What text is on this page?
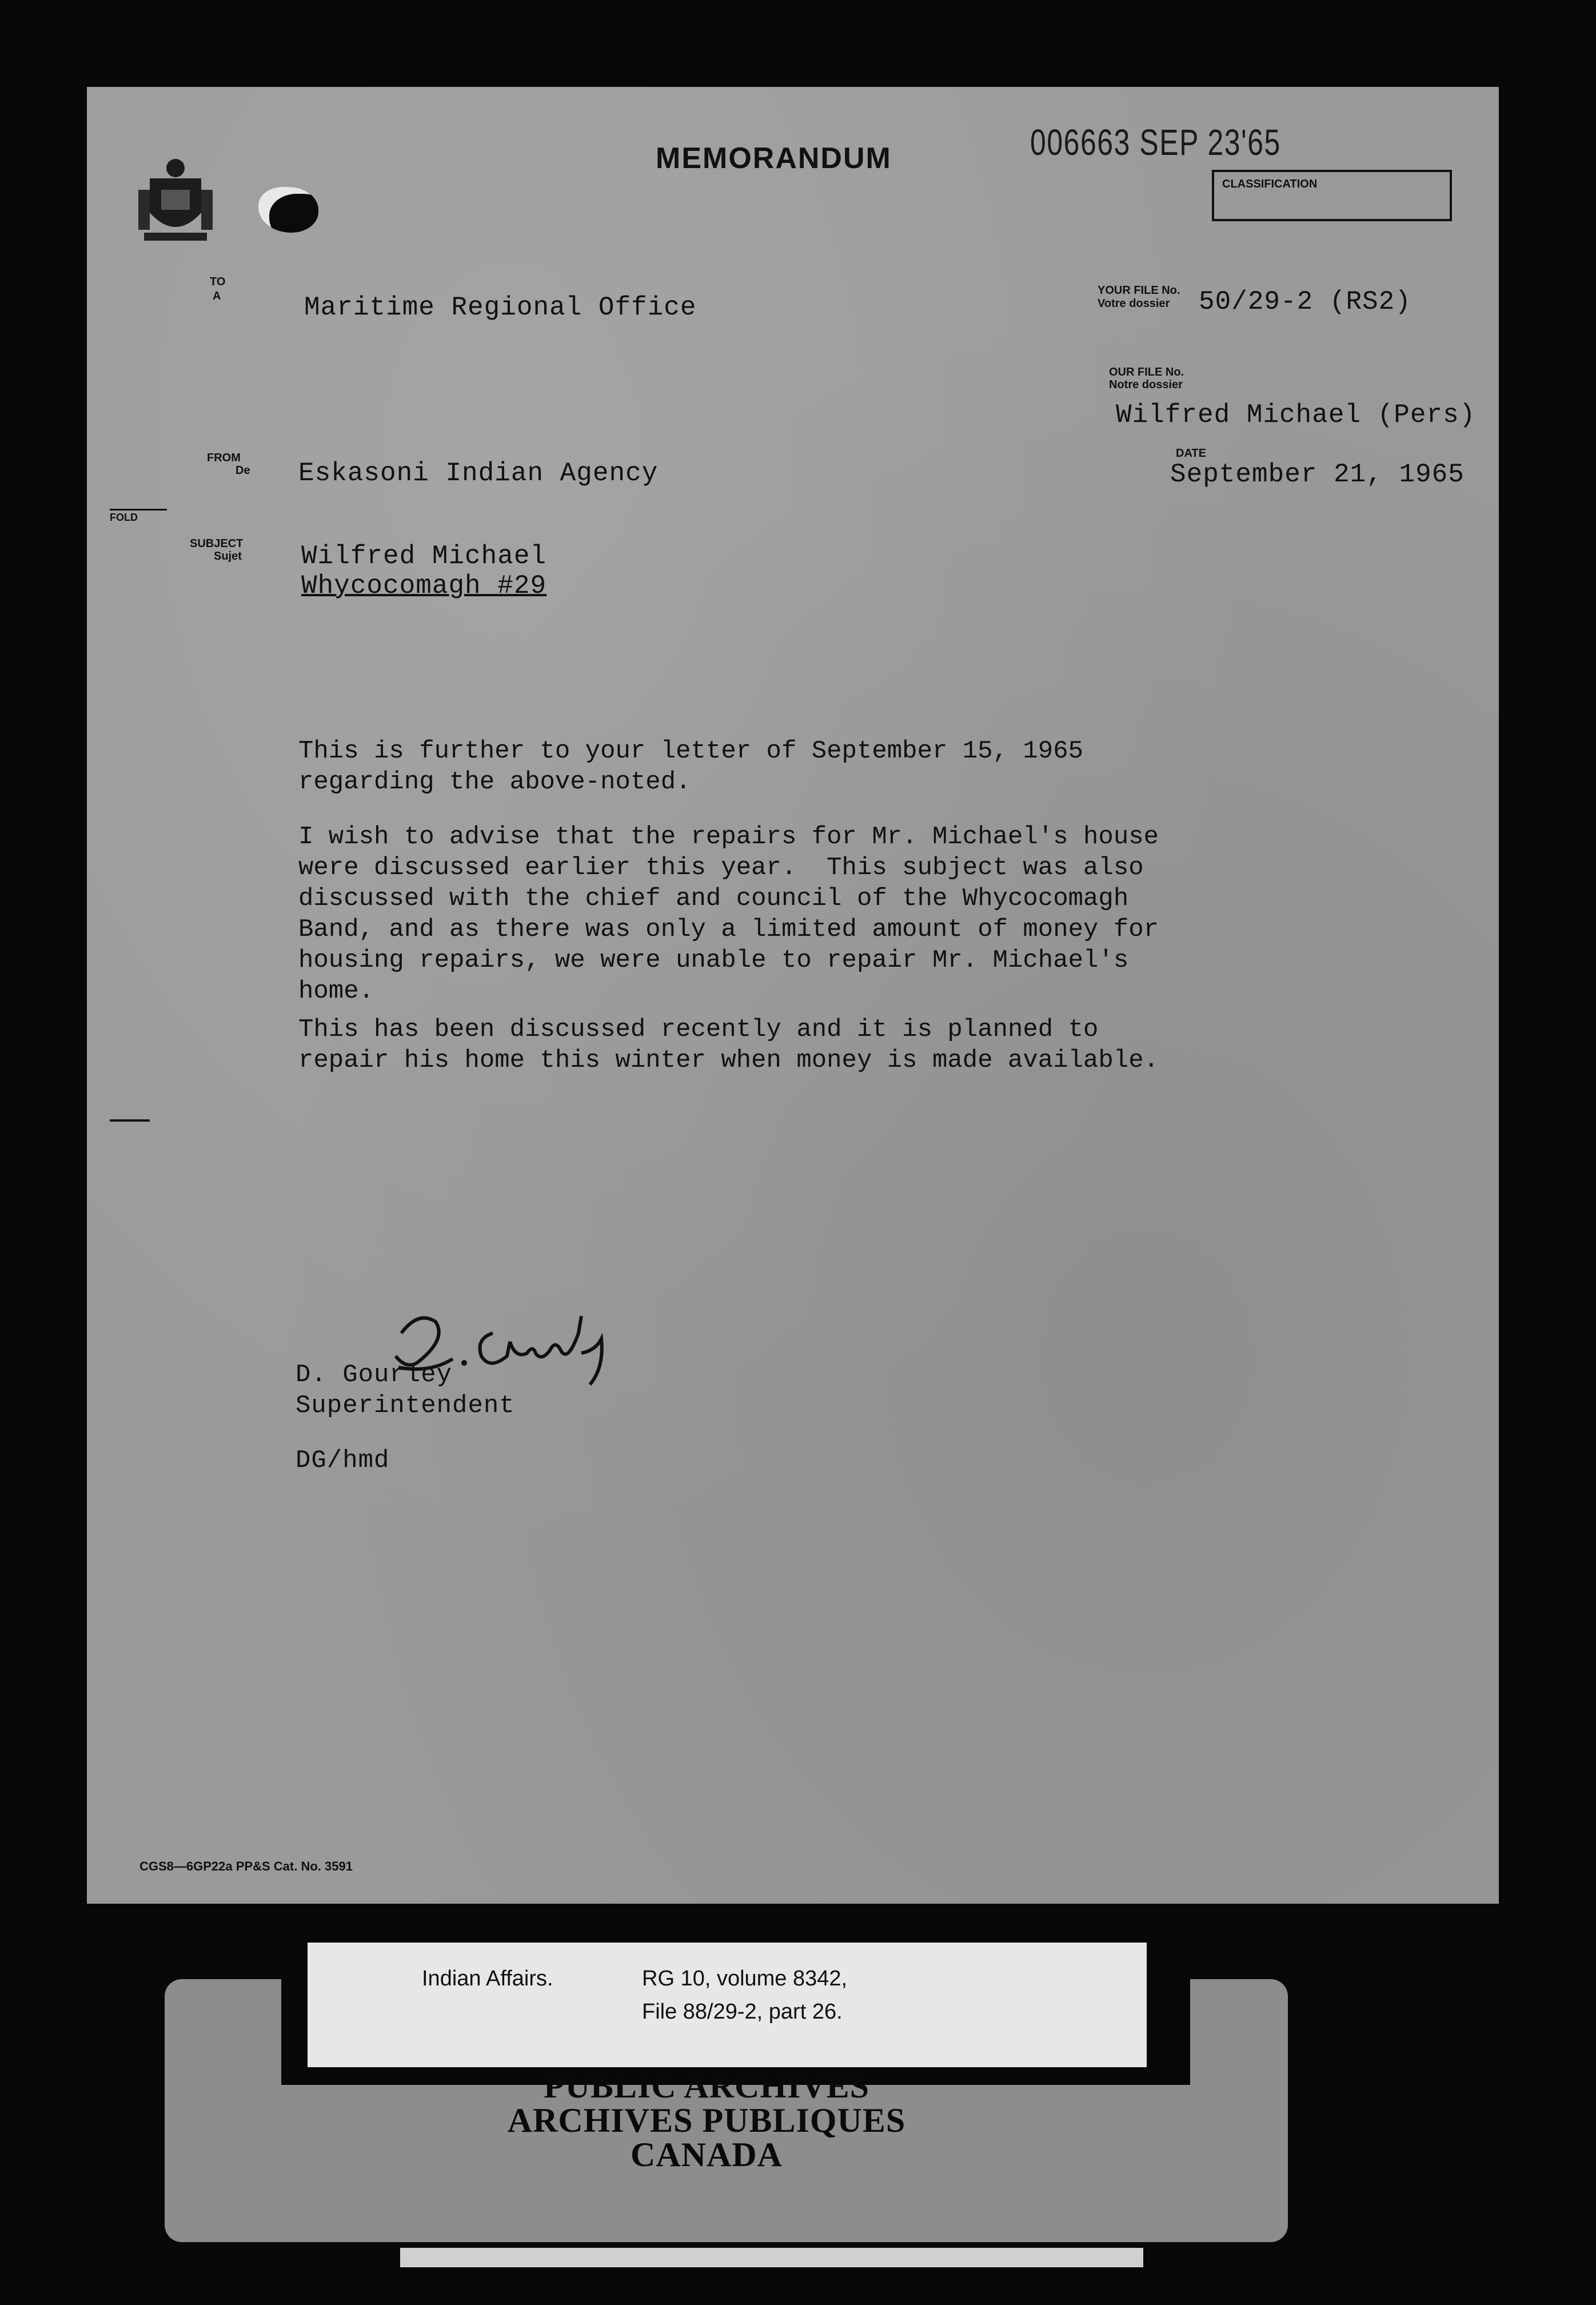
MEMORANDUM	006663 SEP 23'65
CLASSIFICATION
TO
A	Maritime Regional Office
YOUR FILE No.
Votre dossier 50/29-2 (RS2)
OUR FILE No.
Notre dossier
Wilfred Michael (Pers)
FROM
De Eskasoni Indian Agency
DATE
September 21, 1965
FOLD
SUBJECT
Sujet Wilfred Michael
Whycocomagh #29
This is further to your letter of September 15, 1965
regarding the above-noted.
I wish to advise that the repairs for Mr. Michael's house
were discussed earlier this year.  This subject was also
discussed with the chief and council of the Whycocomagh
Band, and as there was only a limited amount of money for
housing repairs, we were unable to repair Mr. Michael's
home.
This has been discussed recently and it is planned to
repair his home this winter when money is made available.
D. Gourley
Superintendent
DG/hmd
CGS8—6GP22a PP&S Cat. No. 3591
Indian Affairs.	RG 10, volume 8342,
File 88/29-2, part 26.
PUBLIC ARCHIVES
ARCHIVES PUBLIQUES
CANADA
